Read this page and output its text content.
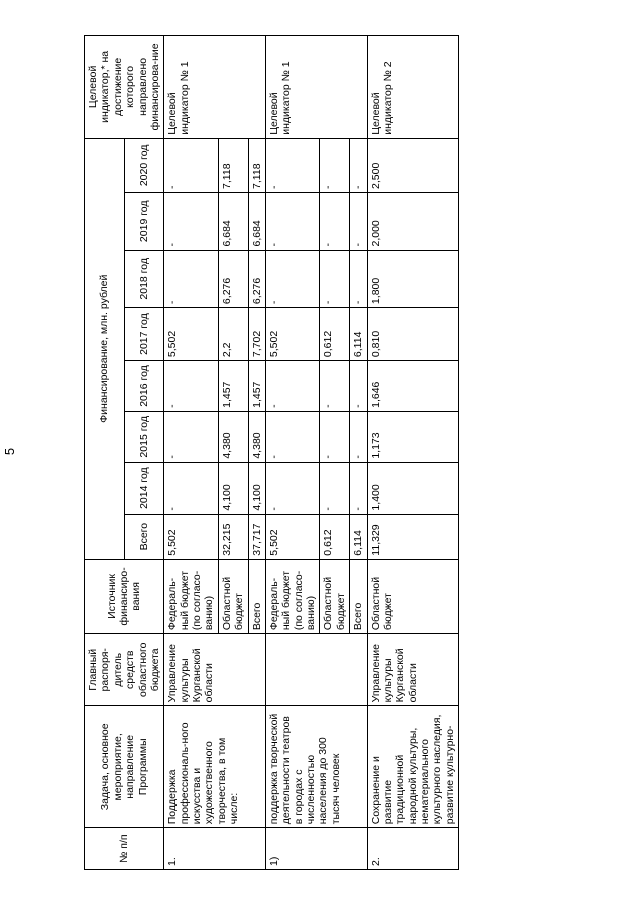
5
№ п/п	Задача, основное мероприятие, направление Программы	Главный распоря-дитель средств областного бюджета	Источник финансиро-вания	Финансирование, млн. рублей								Целевой индикатор,* на достижение которого направлено финансирова-ние
				Всего	2014 год	2015 год	2016 год	2017 год	2018 год	2019 год	2020 год	
1.	Поддержка профессиональ-ного искусства и художественного творчества, в том числе:	Управление культуры Курганской области	Федераль-ный бюджет (по согласо-ванию)	5,502	-	-	-	5,502	-	-	-	Целевой индикатор № 1
			Областной бюджет	32,215	4,100	4,380	1,457	2,2	6,276	6,684	7,118	
			Всего	37,717	4,100	4,380	1,457	7,702	6,276	6,684	7,118	
1)	поддержка творческой деятельности театров в городах с численностью населения до 300 тысяч человек		Федераль-ный бюджет (по согласо-ванию)	5,502	-	-	-	5,502	-	-	-	Целевой индикатор № 1
			Областной бюджет	0,612	-	-	-	0,612	-	-	-	
			Всего	6,114	-	-	-	6,114	-	-	-	
2.	Сохранение и развитие традиционной народной культуры, нематериального культурного наследия, развитие культурно-	Управление культуры Курганской области	Областной бюджет	11,329	1,400	1,173	1,646	0,810	1,800	2,000	2,500	Целевой индикатор № 2
